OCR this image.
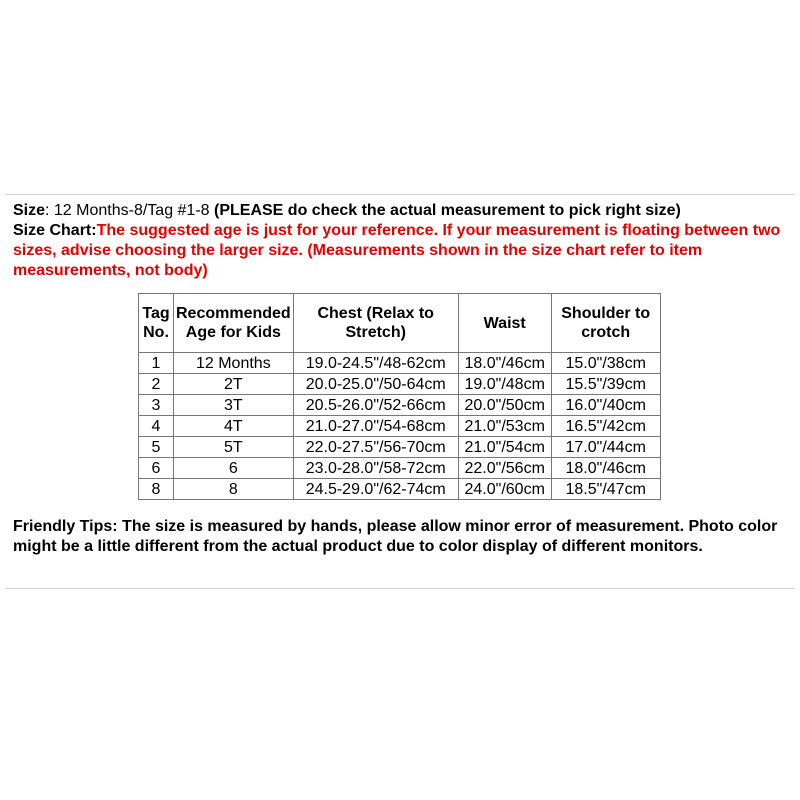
Size: 12 Months-8/Tag #1-8 (PLEASE do check the actual measurement to pick right size)

Size Chart:The suggested age is just for your reference. If your measurement is floating between two sizes, advise choosing the larger size. (Measurements shown in the size chart refer to item measurements, not body)

Tag No.	Recommended Age for Kids	Chest (Relax to Stretch)	Waist	Shoulder to crotch
1	12 Months	19.0-24.5"/48-62cm	18.0"/46cm	15.0"/38cm
2	2T	20.0-25.0"/50-64cm	19.0"/48cm	15.5"/39cm
3	3T	20.5-26.0"/52-66cm	20.0"/50cm	16.0"/40cm
4	4T	21.0-27.0"/54-68cm	21.0"/53cm	16.5"/42cm
5	5T	22.0-27.5"/56-70cm	21.0"/54cm	17.0"/44cm
6	6	23.0-28.0"/58-72cm	22.0"/56cm	18.0"/46cm
8	8	24.5-29.0"/62-74cm	24.0"/60cm	18.5"/47cm

Friendly Tips: The size is measured by hands, please allow minor error of measurement. Photo color might be a little different from the actual product due to color display of different monitors.
